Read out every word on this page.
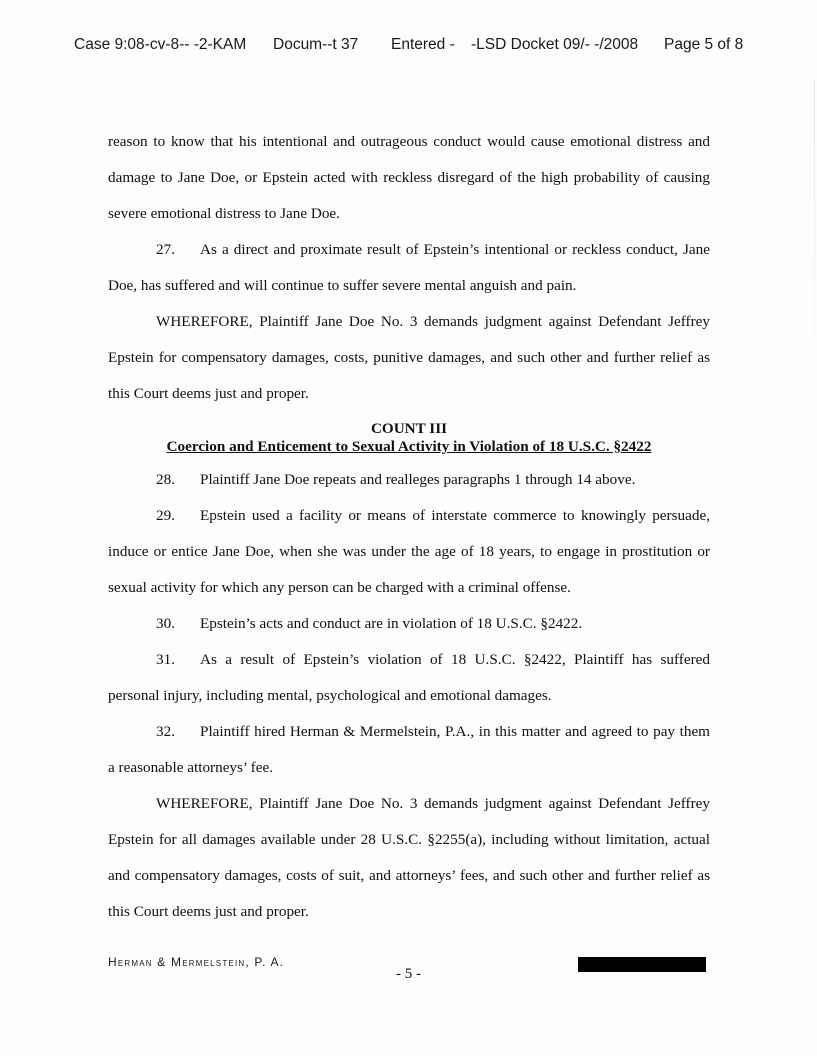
Case 9:08-cv-8‐‐ ‐2-KAM Docum‐‐t 37 Entered ‐ ‐LSD Docket 09/‐ ‐/2008 Page 5 of 8

reason to know that his intentional and outrageous conduct would cause emotional distress and damage to Jane Doe, or Epstein acted with reckless disregard of the high probability of causing severe emotional distress to Jane Doe.

27. As a direct and proximate result of Epstein’s intentional or reckless conduct, Jane Doe, has suffered and will continue to suffer severe mental anguish and pain.

WHEREFORE, Plaintiff Jane Doe No. 3 demands judgment against Defendant Jeffrey Epstein for compensatory damages, costs, punitive damages, and such other and further relief as this Court deems just and proper.

COUNT III
Coercion and Enticement to Sexual Activity in Violation of 18 U.S.C. §2422

28. Plaintiff Jane Doe repeats and realleges paragraphs 1 through 14 above.

29. Epstein used a facility or means of interstate commerce to knowingly persuade, induce or entice Jane Doe, when she was under the age of 18 years, to engage in prostitution or sexual activity for which any person can be charged with a criminal offense.

30. Epstein’s acts and conduct are in violation of 18 U.S.C. §2422.

31. As a result of Epstein’s violation of 18 U.S.C. §2422, Plaintiff has suffered personal injury, including mental, psychological and emotional damages.

32. Plaintiff hired Herman & Mermelstein, P.A., in this matter and agreed to pay them a reasonable attorneys’ fee.

WHEREFORE, Plaintiff Jane Doe No. 3 demands judgment against Defendant Jeffrey Epstein for all damages available under 28 U.S.C. §2255(a), including without limitation, actual and compensatory damages, costs of suit, and attorneys’ fees, and such other and further relief as this Court deems just and proper.

Herman & Mermelstein, P. A.
- 5 -
